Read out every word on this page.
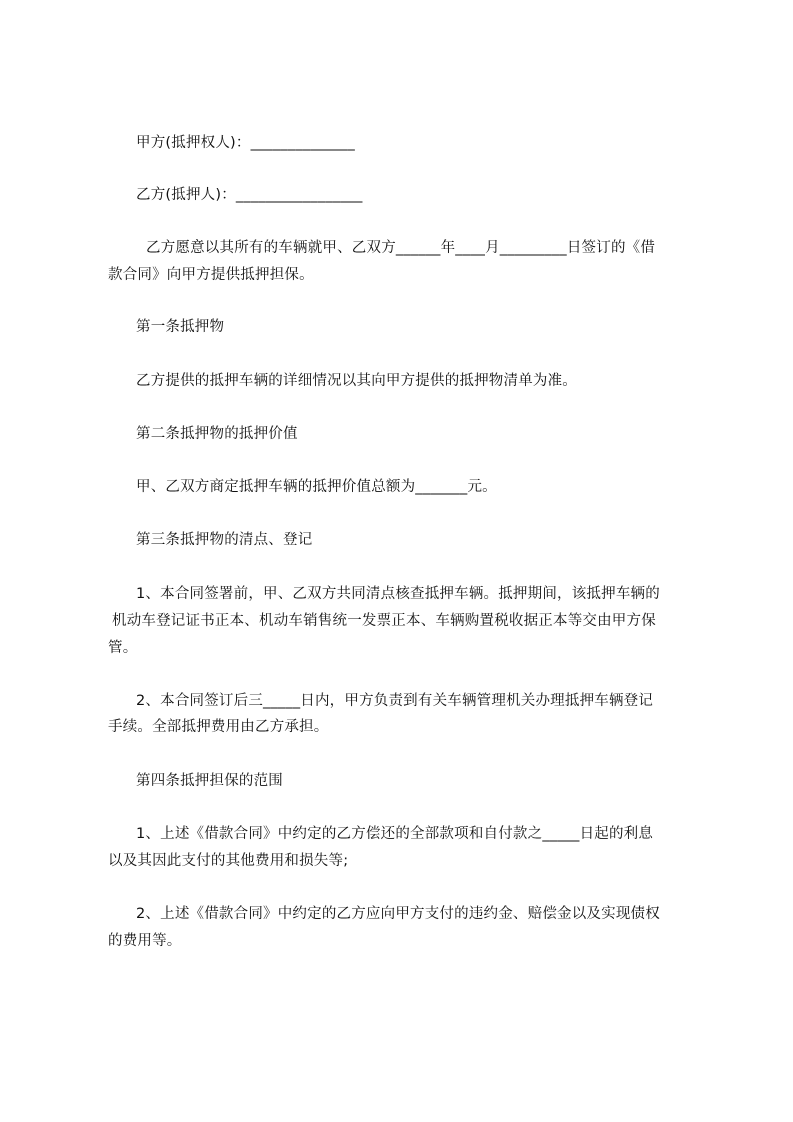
甲方(抵押权人)：______________

乙方(抵押人)：_________________

乙方愿意以其所有的车辆就甲、乙双方______年____月_________日签订的《借

款合同》向甲方提供抵押担保。

第一条抵押物

乙方提供的抵押车辆的详细情况以其向甲方提供的抵押物清单为准。

第二条抵押物的抵押价值

甲、乙双方商定抵押车辆的抵押价值总额为_______元。

第三条抵押物的清点、登记

1、本合同签署前，甲、乙双方共同清点核查抵押车辆。抵押期间，该抵押车辆的

机动车登记证书正本、机动车销售统一发票正本、车辆购置税收据正本等交由甲方保

管。

2、本合同签订后三_____日内，甲方负责到有关车辆管理机关办理抵押车辆登记

手续。全部抵押费用由乙方承担。

第四条抵押担保的范围

1、上述《借款合同》中约定的乙方偿还的全部款项和自付款之_____日起的利息

以及其因此支付的其他费用和损失等;

2、上述《借款合同》中约定的乙方应向甲方支付的违约金、赔偿金以及实现债权

的费用等。
